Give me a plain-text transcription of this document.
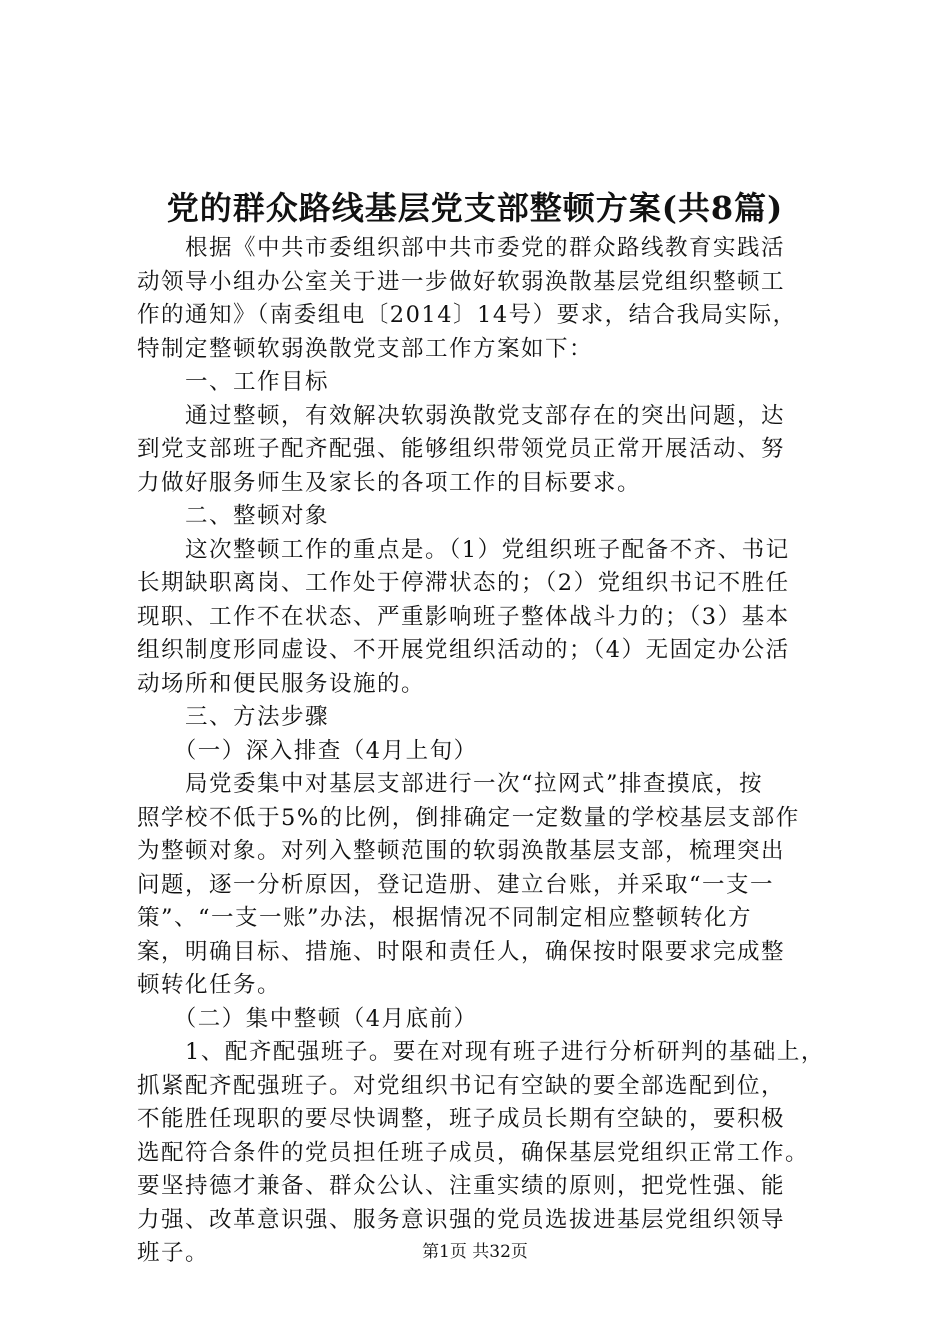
党的群众路线基层党支部整顿方案(共8篇)
　　根据《中共市委组织部中共市委党的群众路线教育实践活
动领导小组办公室关于进一步做好软弱涣散基层党组织整顿工
作的通知》（南委组电〔2014〕14号）要求，结合我局实际，
特制定整顿软弱涣散党支部工作方案如下：
　　一、工作目标
　　通过整顿，有效解决软弱涣散党支部存在的突出问题，达
到党支部班子配齐配强、能够组织带领党员正常开展活动、努
力做好服务师生及家长的各项工作的目标要求。
　　二、整顿对象
　　这次整顿工作的重点是。（1）党组织班子配备不齐、书记
长期缺职离岗、工作处于停滞状态的；（2）党组织书记不胜任
现职、工作不在状态、严重影响班子整体战斗力的；（3）基本
组织制度形同虚设、不开展党组织活动的；（4）无固定办公活
动场所和便民服务设施的。
　　三、方法步骤
　　（一）深入排查（4月上旬）
　　局党委集中对基层支部进行一次“拉网式”排查摸底，按
照学校不低于5%的比例，倒排确定一定数量的学校基层支部作
为整顿对象。对列入整顿范围的软弱涣散基层支部，梳理突出
问题，逐一分析原因，登记造册、建立台账，并采取“一支一
策”、“一支一账”办法，根据情况不同制定相应整顿转化方
案，明确目标、措施、时限和责任人，确保按时限要求完成整
顿转化任务。
　　（二）集中整顿（4月底前）
　　1、配齐配强班子。要在对现有班子进行分析研判的基础上，
抓紧配齐配强班子。对党组织书记有空缺的要全部选配到位，
不能胜任现职的要尽快调整，班子成员长期有空缺的，要积极
选配符合条件的党员担任班子成员，确保基层党组织正常工作。
要坚持德才兼备、群众公认、注重实绩的原则，把党性强、能
力强、改革意识强、服务意识强的党员选拔进基层党组织领导
班子。	第1页 共32页
